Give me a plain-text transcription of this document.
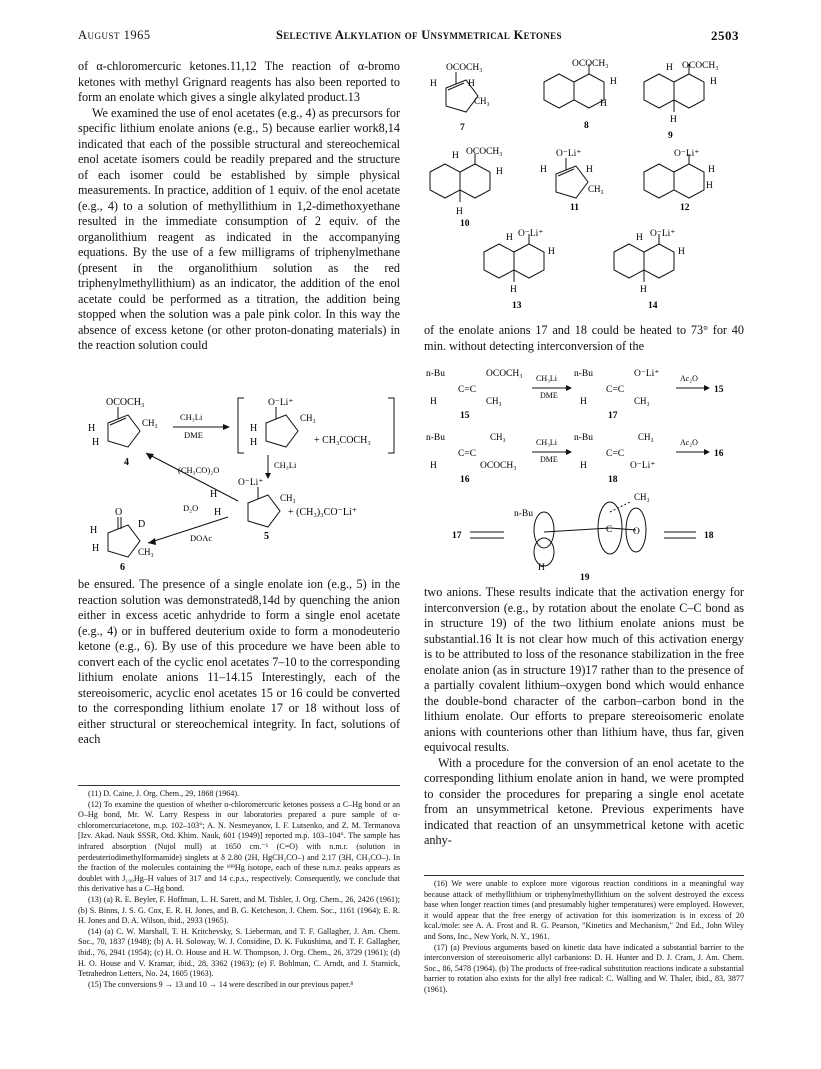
August 1965	Selective Alkylation of Unsymmetrical Ketones	2503

of α-chloromercuric ketones.11,12 The reaction of α-bromo ketones with methyl Grignard reagents has also been reported to form an enolate which gives a single alkylated product.13

We examined the use of enol acetates (e.g., 4) as precursors for specific lithium enolate anions (e.g., 5) because earlier work8,14 indicated that each of the possible structural and stereochemical enol acetate isomers could be readily prepared and the structure of each isomer could be established by simple physical measurements. In practice, addition of 1 equiv. of the enol acetate (e.g., 4) to a solution of methyllithium in 1,2-dimethoxyethane resulted in the immediate consumption of 2 equiv. of the organolithium reagent as indicated in the accompanying equations. By the use of a few milligrams of triphenylmethane (present in the organolithium solution as the red triphenylmethyllithium) as an indicator, the addition of the enol acetate could be performed as a titration, the addition being stopped when the solution was a pale pink color. In this way the absence of excess ketone (or other proton-donating materials) in the reaction solution could

OCOCH₃
CH₃
H
H
4
CH₃Li
DME
O⁻Li⁺
CH₃
H
H	+ CH₃COCH₃
CH₃Li
(CH₃CO)₂O
O⁻Li⁺
CH₃
H
H
5
+ (CH₃)₃CO⁻Li⁺
D₂O
DOAc
O
D
CH₃
H
H
6

be ensured. The presence of a single enolate ion (e.g., 5) in the reaction solution was demonstrated8,14d by quenching the anion either in excess acetic anhydride to form a single enol acetate (e.g., 4) or in buffered deuterium oxide to form a monodeuterio ketone (e.g., 6). By use of this procedure we have been able to convert each of the cyclic enol acetates 7–10 to the corresponding lithium enolate anions 11–14.15 Interestingly, each of the stereoisomeric, acyclic enol acetates 15 or 16 could be converted to the corresponding lithium enolate 17 or 18 without loss of either structural or stereochemical integrity. In fact, solutions of each

(11) D. Caine, J. Org. Chem., 29, 1868 (1964).

(12) To examine the question of whether α-chloromercuric ketones possess a C–Hg bond or an O–Hg bond, Mr. W. Larry Respess in our laboratories prepared a pure sample of α-chloromercuriacetone, m.p. 102–103°; A. N. Nesmeyanov, I. F. Lutsenko, and Z. M. Termanova [Izv. Akad. Nauk SSSR, Otd. Khim. Nauk, 601 (1949)] reported m.p. 103–104°. The sample has infrared absorption (Nujol mull) at 1650 cm.⁻¹ (C=O) with n.m.r. (solution in perdeuteriodimethylformamide) singlets at δ 2.80 (2H, HgCH₂CO–) and 2.17 (3H, CH₃CO–). In the fraction of the molecules containing the ¹⁹⁹Hg isotope, each of these n.m.r. peaks appears as doublet with J₁₉₉Hg–H values of 317 and 14 c.p.s., respectively. Consequently, we conclude that this derivative has a C–Hg bond.

(13) (a) R. E. Beyler, F. Hoffman, L. H. Sarett, and M. Tishler, J. Org. Chem., 26, 2426 (1961); (b) S. Binns, J. S. G. Cox, E. R. H. Jones, and B. G. Ketcheson, J. Chem. Soc., 1161 (1964); E. R. H. Jones and D. A. Wilson, ibid., 2933 (1965).

(14) (a) C. W. Marshall, T. H. Kritchevsky, S. Lieberman, and T. F. Gallagher, J. Am. Chem. Soc., 70, 1837 (1948); (b) A. H. Soloway, W. J. Considine, D. K. Fukushima, and T. F. Gallagher, ibid., 76, 2941 (1954); (c) H. O. House and H. W. Thompson, J. Org. Chem., 26, 3729 (1961); (d) H. O. House and V. Kramar, ibid., 28, 3362 (1963); (e) F. Bohlman, C. Arndt, and J. Starnick, Tetrahedron Letters, No. 24, 1605 (1963).

(15) The conversions 9 → 13 and 10 → 14 were described in our previous paper.⁸

OCOCH₃
H	H
CH₃
7
OCOCH₃
H
H
8
H OCOCH₃
H
H
9
H OCOCH₃
H
H
10
O⁻Li⁺
H	H
CH₃
11
O⁻Li⁺
H
H
12
H O⁻Li⁺
H
H
13
H O⁻Li⁺
H
H
14

of the enolate anions 17 and 18 could be heated to 73° for 40 min. without detecting interconversion of the

n-Bu
C=C
OCOCH₃
H	CH₃
15
CH₃Li
DME
n-Bu
C=C
O⁻Li⁺
H	CH₃
17
Ac₂O
15
n-Bu
C=C
CH₃
H	OCOCH₃
16
CH₃Li
DME
n-Bu
C=C
CH₃
H	O⁻Li⁺
18
Ac₂O
16
n-Bu
H
C O
CH₃
19
17	18

two anions. These results indicate that the activation energy for interconversion (e.g., by rotation about the enolate C–C bond as in structure 19) of the two lithium enolate anions must be substantial.16 It is not clear how much of this activation energy is to be attributed to loss of the resonance stabilization in the free enolate anion (as in structure 19)17 rather than to the presence of a partially covalent lithium–oxygen bond which would enhance the double-bond character of the carbon–carbon bond in the lithium enolate. Our efforts to prepare stereoisomeric enolate anions with counterions other than lithium have, thus far, given equivocal results.

With a procedure for the conversion of an enol acetate to the corresponding lithium enolate anion in hand, we were prompted to consider the procedures for preparing a single enol acetate from an unsymmetrical ketone. Previous experiments have indicated that reaction of an unsymmetrical ketone with acetic anhy-

(16) We were unable to explore more vigorous reaction conditions in a meaningful way because attack of methyllithium or triphenylmethyllithium on the solvent destroyed the excess base when longer reaction times (and presumably higher temperatures) were employed. However, it would appear that the free energy of activation for this isomerization is in excess of 20 kcal./mole: see A. A. Frost and R. G. Pearson, "Kinetics and Mechanism," 2nd Ed., John Wiley and Sons, Inc., New York, N. Y., 1961.

(17) (a) Previous arguments based on kinetic data have indicated a substantial barrier to the interconversion of stereoisomeric allyl carbanions: D. H. Hunter and D. J. Cram, J. Am. Chem. Soc., 86, 5478 (1964). (b) The products of free-radical substitution reactions indicate a substantial barrier to rotation also exists for the allyl free radical: C. Walling and W. Thaler, ibid., 83, 3877 (1961).
